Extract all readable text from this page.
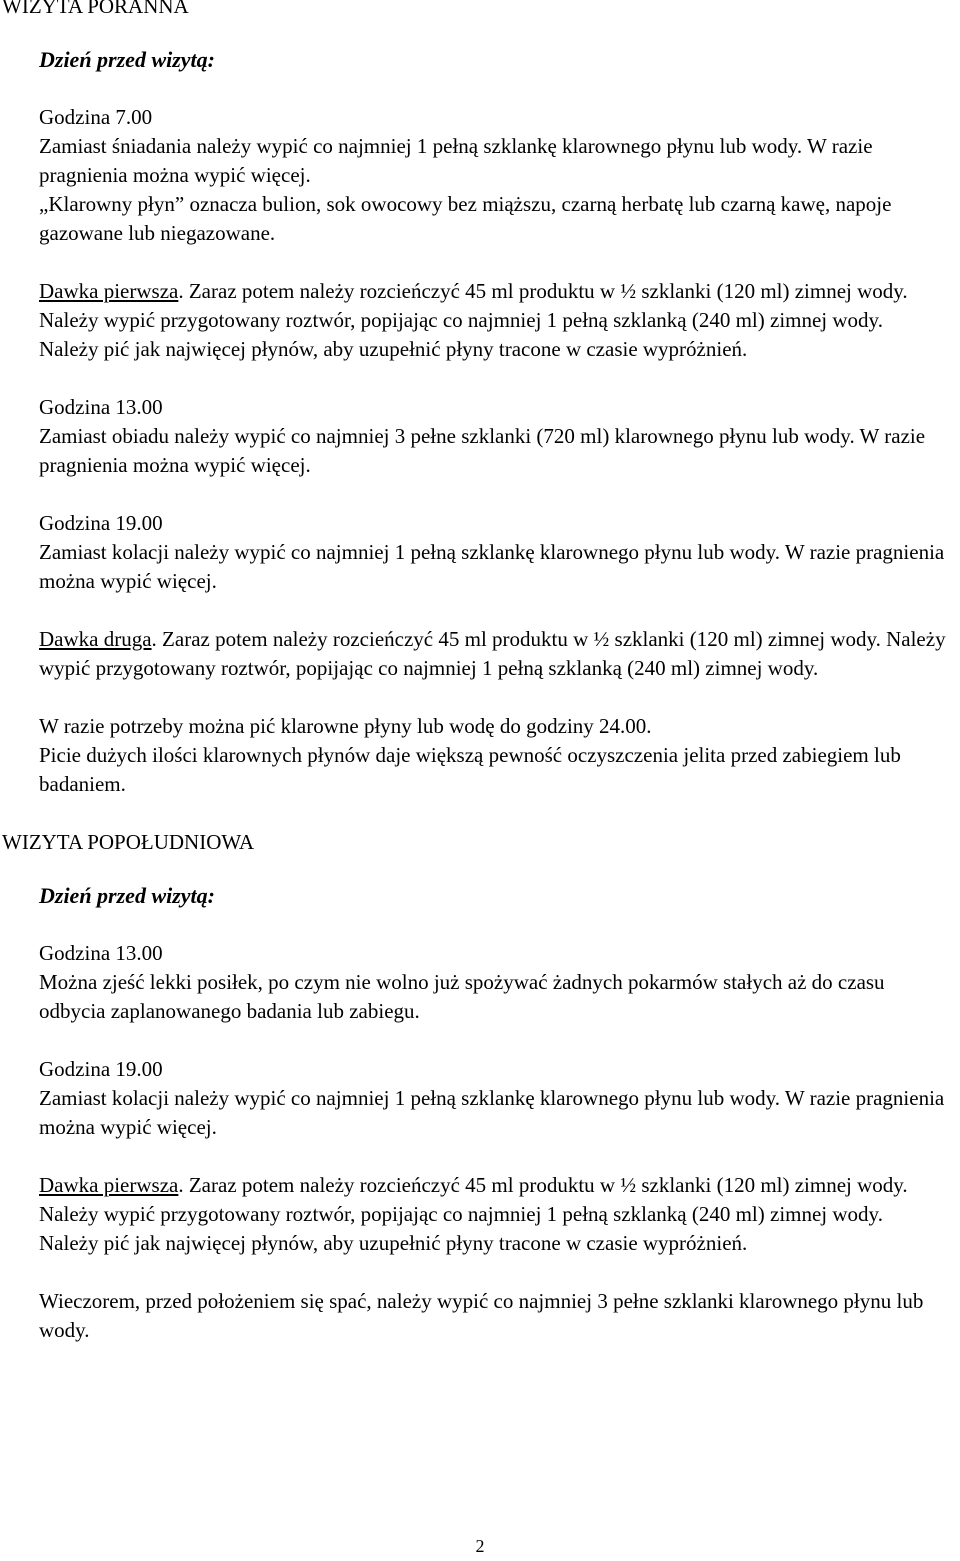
WIZYTA PORANNA
Dzień przed wizytą:
Godzina 7.00
Zamiast śniadania należy wypić co najmniej 1 pełną szklankę klarownego płynu lub wody. W razie pragnienia można wypić więcej.
„Klarowny płyn” oznacza bulion, sok owocowy bez miąższu, czarną herbatę lub czarną kawę, napoje gazowane lub niegazowane.
Dawka pierwsza. Zaraz potem należy rozcieńczyć 45 ml produktu w ½ szklanki (120 ml) zimnej wody. Należy wypić przygotowany roztwór, popijając co najmniej 1 pełną szklanką (240 ml) zimnej wody.
Należy pić jak najwięcej płynów, aby uzupełnić płyny tracone w czasie wypróżnień.
Godzina 13.00
Zamiast obiadu należy wypić co najmniej 3 pełne szklanki (720 ml) klarownego płynu lub wody. W razie pragnienia można wypić więcej.
Godzina 19.00
Zamiast kolacji należy wypić co najmniej 1 pełną szklankę klarownego płynu lub wody. W razie pragnienia można wypić więcej.
Dawka druga. Zaraz potem należy rozcieńczyć 45 ml produktu w ½ szklanki (120 ml) zimnej wody. Należy wypić przygotowany roztwór, popijając co najmniej 1 pełną szklanką (240 ml) zimnej wody.
W razie potrzeby można pić klarowne płyny lub wodę do godziny 24.00.
Picie dużych ilości klarownych płynów daje większą pewność oczyszczenia jelita przed zabiegiem lub badaniem.
WIZYTA POPOŁUDNIOWA
Dzień przed wizytą:
Godzina 13.00
Można zjeść lekki posiłek, po czym nie wolno już spożywać żadnych pokarmów stałych aż do czasu odbycia zaplanowanego badania lub zabiegu.
Godzina 19.00
Zamiast kolacji należy wypić co najmniej 1 pełną szklankę klarownego płynu lub wody. W razie pragnienia można wypić więcej.
Dawka pierwsza. Zaraz potem należy rozcieńczyć 45 ml produktu w ½ szklanki (120 ml) zimnej wody. Należy wypić przygotowany roztwór, popijając co najmniej 1 pełną szklanką (240 ml) zimnej wody.
Należy pić jak najwięcej płynów, aby uzupełnić płyny tracone w czasie wypróżnień.
Wieczorem, przed położeniem się spać, należy wypić co najmniej 3 pełne szklanki klarownego płynu lub wody.
2
